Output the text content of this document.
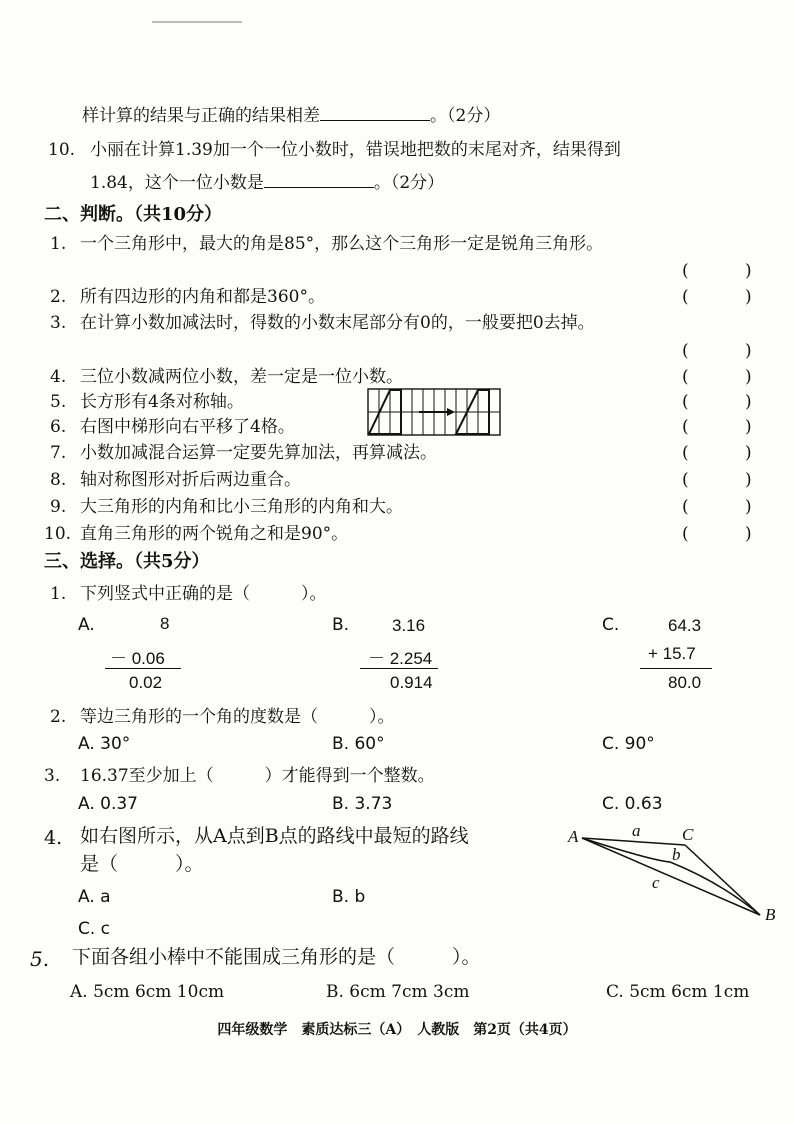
样计算的结果与正确的结果相差	。（2分）
10. 小丽在计算1.39加一个一位小数时，错误地把数的末尾对齐，结果得到
1.84，这个一位小数是	。（2分）
二、判断。（共10分）
1. 一个三角形中，最大的角是85°，那么这个三角形一定是锐角三角形。
(　　　 )
2. 所有四边形的内角和都是360°。	(　　　 )
3. 在计算小数加减法时，得数的小数末尾部分有0的，一般要把0去掉。
(　　　 )
4. 三位小数减两位小数，差一定是一位小数。	(　　　 )
5. 长方形有4条对称轴。	(　　　 )
6. 右图中梯形向右平移了4格。	(　　　 )
7. 小数加减混合运算一定要先算加法，再算减法。	(　　　 )
8. 轴对称图形对折后两边重合。	(　　　 )
9. 大三角形的内角和比小三角形的内角和大。	(　　　 )
10. 直角三角形的两个锐角之和是90°。	(　　　 )
三、选择。（共5分）
1. 下列竖式中正确的是（　　　）。
A.	8
－ 0.06
0.02
B.	3.16
－ 2.254
0.914
C.	64.3
+ 15.7
80.0
2. 等边三角形的一个角的度数是（　　　）。
A. 30°	B. 60°	C. 90°
3. 16.37至少加上（　　　）才能得到一个整数。
A. 0.37	B. 3.73	C. 0.63
4. 如右图所示，从A点到B点的路线中最短的路线
是（　　　）。
A. a	B. b
C. c
A	C
B
a
b
c
5. 下面各组小棒中不能围成三角形的是（　　　）。
A. 5cm 6cm 10cm	B. 6cm 7cm 3cm	C. 5cm 6cm 1cm
四年级数学　素质达标三（A）　人教版　第2页（共4页）
